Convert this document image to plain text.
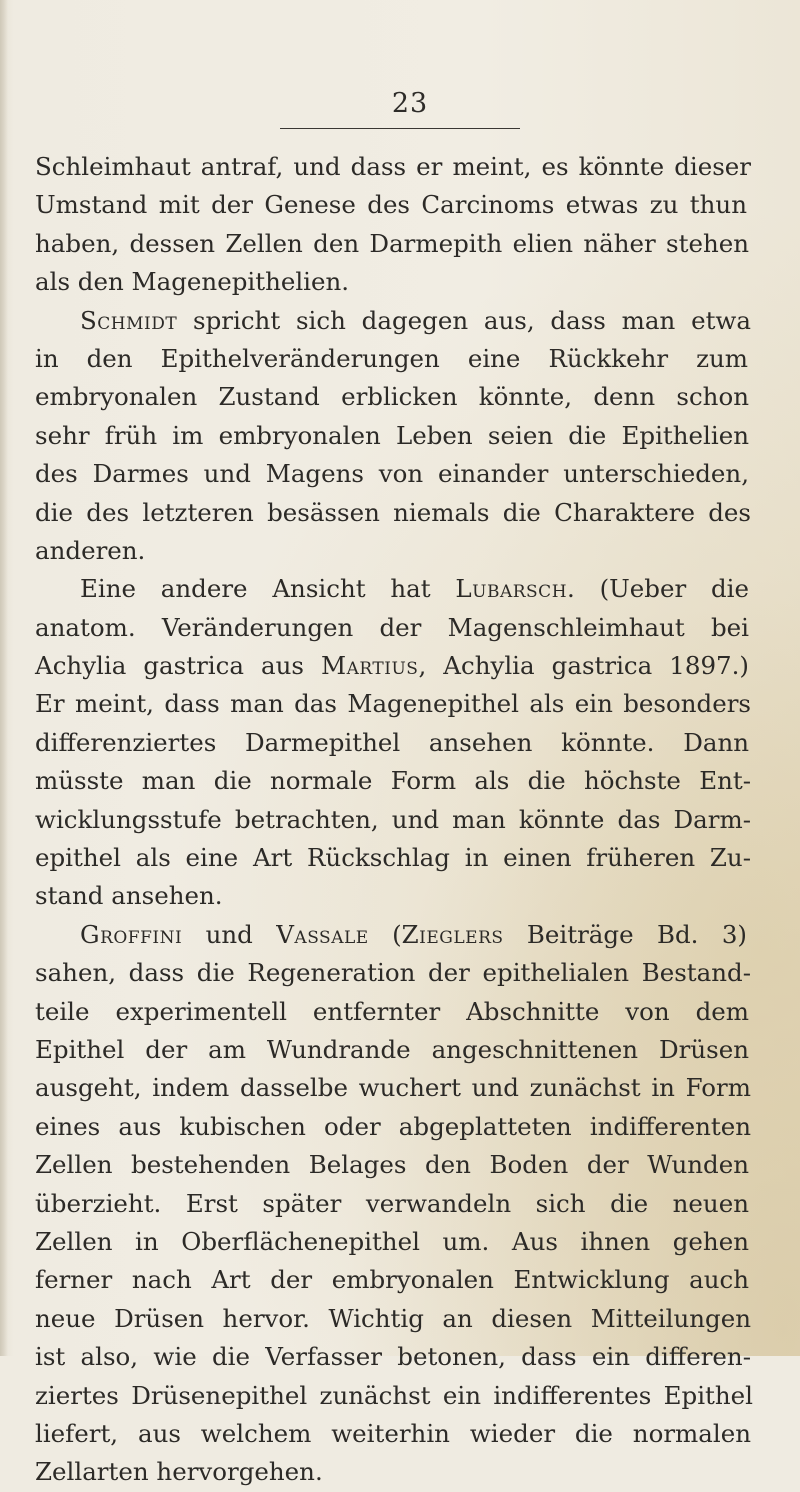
23
Schleimhaut antraf, und dass er meint, es könnte dieser
Umstand mit der Genese des Carcinoms etwas zu thun
haben, dessen Zellen den Darmepith elien näher stehen
als den Magenepithelien.
Schmidt spricht sich dagegen aus, dass man etwa
in den Epithelveränderungen eine Rückkehr zum
embryonalen Zustand erblicken könnte, denn schon
sehr früh im embryonalen Leben seien die Epithelien
des Darmes und Magens von einander unterschieden,
die des letzteren besässen niemals die Charaktere des
anderen.
Eine andere Ansicht hat Lubarsch. (Ueber die
anatom. Veränderungen der Magenschleimhaut bei
Achylia gastrica aus Martius, Achylia gastrica 1897.)
Er meint, dass man das Magenepithel als ein besonders
differenziertes Darmepithel ansehen könnte. Dann
müsste man die normale Form als die höchste Ent-
wicklungsstufe betrachten, und man könnte das Darm-
epithel als eine Art Rückschlag in einen früheren Zu-
stand ansehen.
Groffini und Vassale (Zieglers Beiträge Bd. 3)
sahen, dass die Regeneration der epithelialen Bestand-
teile experimentell entfernter Abschnitte von dem
Epithel der am Wundrande angeschnittenen Drüsen
ausgeht, indem dasselbe wuchert und zunächst in Form
eines aus kubischen oder abgeplatteten indifferenten
Zellen bestehenden Belages den Boden der Wunden
überzieht. Erst später verwandeln sich die neuen
Zellen in Oberflächenepithel um. Aus ihnen gehen
ferner nach Art der embryonalen Entwicklung auch
neue Drüsen hervor. Wichtig an diesen Mitteilungen
ist also, wie die Verfasser betonen, dass ein differen-
ziertes Drüsenepithel zunächst ein indifferentes Epithel
liefert, aus welchem weiterhin wieder die normalen
Zellarten hervorgehen.
